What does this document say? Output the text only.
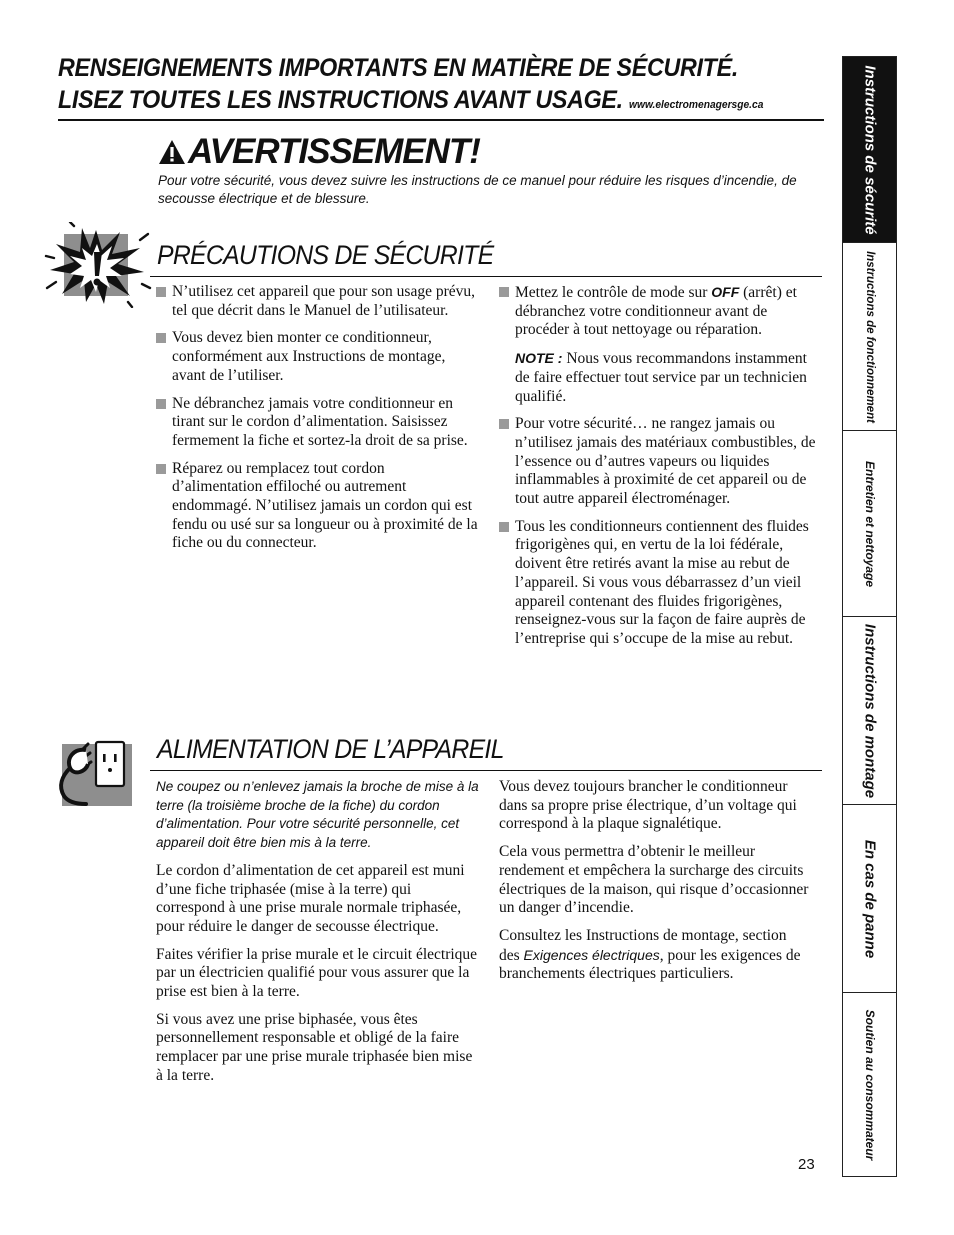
RENSEIGNEMENTS IMPORTANTS EN MATIÈRE DE SÉCURITÉ.
LISEZ TOUTES LES INSTRUCTIONS AVANT USAGE. www.electromenagersge.ca
AVERTISSEMENT!
Pour votre sécurité, vous devez suivre les instructions de ce manuel pour réduire les risques d’incendie, de secousse électrique et de blessure.
PRÉCAUTIONS DE SÉCURITÉ
N’utilisez cet appareil que pour son usage prévu, tel que décrit dans le Manuel de l’utilisateur.
Vous devez bien monter ce conditionneur, conformément aux Instructions de montage, avant de l’utiliser.
Ne débranchez jamais votre conditionneur en tirant sur le cordon d’alimentation. Saisissez fermement la fiche et sortez-la droit de sa prise.
Réparez ou remplacez tout cordon d’alimentation effiloché ou autrement endommagé. N’utilisez jamais un cordon qui est fendu ou usé sur sa longueur ou à proximité de la fiche ou du connecteur.
Mettez le contrôle de mode sur OFF (arrêt) et débranchez votre conditionneur avant de procéder à tout nettoyage ou réparation.
NOTE : Nous vous recommandons instamment de faire effectuer tout service par un technicien qualifié.
Pour votre sécurité… ne rangez jamais ou n’utilisez jamais des matériaux combustibles, de l’essence ou d’autres vapeurs ou liquides inflammables à proximité de cet appareil ou de tout autre appareil électroménager.
Tous les conditionneurs contiennent des fluides frigorigènes qui, en vertu de la loi fédérale, doivent être retirés avant la mise au rebut de l’appareil. Si vous vous débarrassez d’un vieil appareil contenant des fluides frigorigènes, renseignez-vous sur la façon de faire auprès de l’entreprise qui s’occupe de la mise au rebut.
ALIMENTATION DE L’APPAREIL
Ne coupez ou n’enlevez jamais la broche de mise à la terre (la troisième broche de la fiche) du cordon d’alimentation. Pour votre sécurité personnelle, cet appareil doit être bien mis à la terre.
Le cordon d’alimentation de cet appareil est muni d’une fiche triphasée (mise à la terre) qui correspond à une prise murale normale triphasée, pour réduire le danger de secousse électrique.
Faites vérifier la prise murale et le circuit électrique par un électricien qualifié pour vous assurer que la prise est bien à la terre.
Si vous avez une prise biphasée, vous êtes personnellement responsable et obligé de la faire remplacer par une prise murale triphasée bien mise à la terre.
Vous devez toujours brancher le conditionneur dans sa propre prise électrique, d’un voltage qui correspond à la plaque signalétique.
Cela vous permettra d’obtenir le meilleur rendement et empêchera la surcharge des circuits électriques de la maison, qui risque d’occasionner un danger d’incendie.
Consultez les Instructions de montage, section des Exigences électriques, pour les exigences de branchements électriques particuliers.
23
Instructions de sécurité
Instructions de fonctionnement
Entretien et nettoyage
Instructions de montage
En cas de panne
Soutien au consommateur
